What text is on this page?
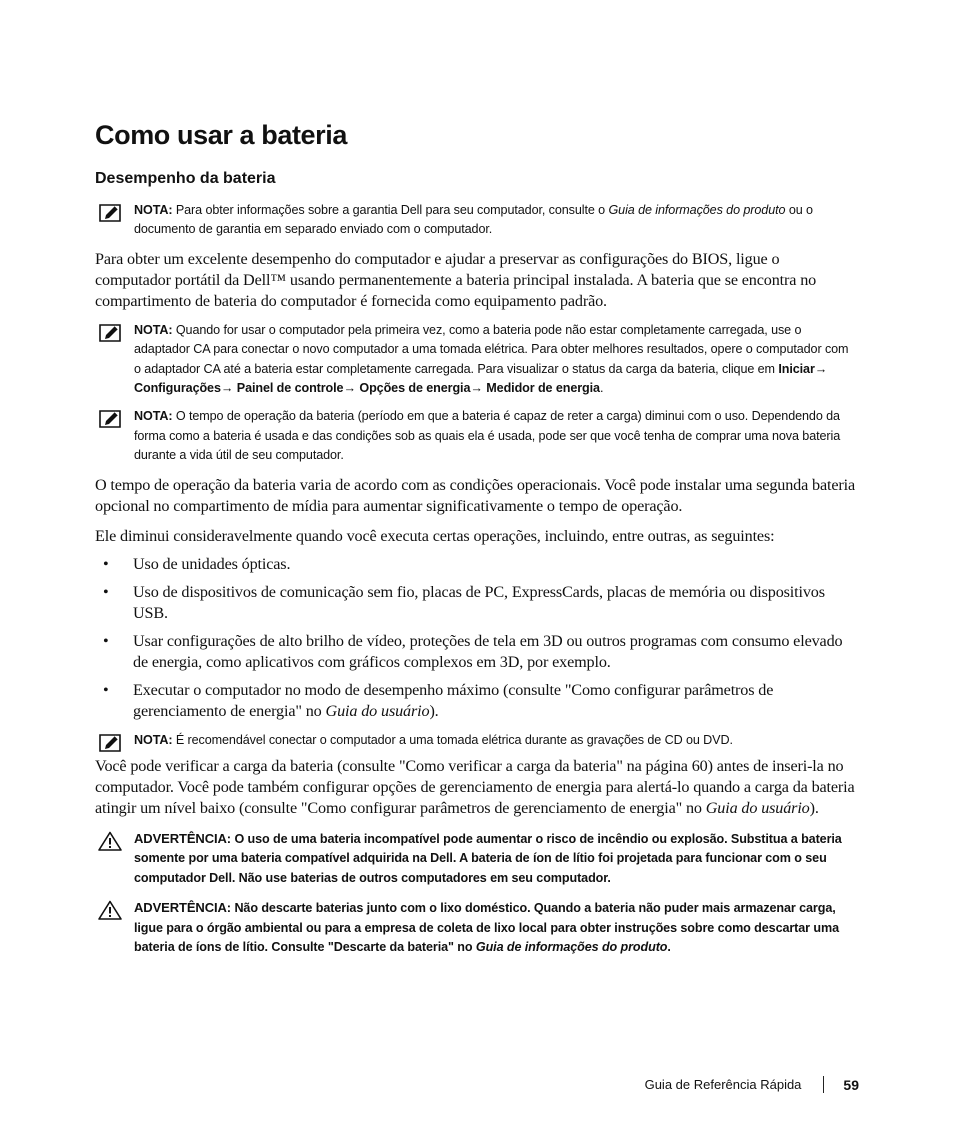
Como usar a bateria
Desempenho da bateria
NOTA: Para obter informações sobre a garantia Dell para seu computador, consulte o Guia de informações do produto ou o documento de garantia em separado enviado com o computador.

Para obter um excelente desempenho do computador e ajudar a preservar as configurações do BIOS, ligue o computador portátil da Dell™ usando permanentemente a bateria principal instalada. A bateria que se encontra no compartimento de bateria do computador é fornecida como equipamento padrão.

NOTA: Quando for usar o computador pela primeira vez, como a bateria pode não estar completamente carregada, use o adaptador CA para conectar o novo computador a uma tomada elétrica. Para obter melhores resultados, opere o computador com o adaptador CA até a bateria estar completamente carregada. Para visualizar o status da carga da bateria, clique em Iniciar→ Configurações→ Painel de controle→ Opções de energia→ Medidor de energia.
NOTA: O tempo de operação da bateria (período em que a bateria é capaz de reter a carga) diminui com o uso. Dependendo da forma como a bateria é usada e das condições sob as quais ela é usada, pode ser que você tenha de comprar uma nova bateria durante a vida útil de seu computador.

O tempo de operação da bateria varia de acordo com as condições operacionais. Você pode instalar uma segunda bateria opcional no compartimento de mídia para aumentar significativamente o tempo de operação.

Ele diminui consideravelmente quando você executa certas operações, incluindo, entre outras, as seguintes:

• Uso de unidades ópticas.
• Uso de dispositivos de comunicação sem fio, placas de PC, ExpressCards, placas de memória ou dispositivos USB.
• Usar configurações de alto brilho de vídeo, proteções de tela em 3D ou outros programas com consumo elevado de energia, como aplicativos com gráficos complexos em 3D, por exemplo.
• Executar o computador no modo de desempenho máximo (consulte "Como configurar parâmetros de gerenciamento de energia" no Guia do usuário).
NOTA: É recomendável conectar o computador a uma tomada elétrica durante as gravações de CD ou DVD.

Você pode verificar a carga da bateria (consulte "Como verificar a carga da bateria" na página 60) antes de inseri-la no computador. Você pode também configurar opções de gerenciamento de energia para alertá-lo quando a carga da bateria atingir um nível baixo (consulte "Como configurar parâmetros de gerenciamento de energia" no Guia do usuário).

ADVERTÊNCIA: O uso de uma bateria incompatível pode aumentar o risco de incêndio ou explosão. Substitua a bateria somente por uma bateria compatível adquirida na Dell. A bateria de íon de lítio foi projetada para funcionar com o seu computador Dell. Não use baterias de outros computadores em seu computador.
ADVERTÊNCIA: Não descarte baterias junto com o lixo doméstico. Quando a bateria não puder mais armazenar carga, ligue para o órgão ambiental ou para a empresa de coleta de lixo local para obter instruções sobre como descartar uma bateria de íons de lítio. Consulte "Descarte da bateria" no Guia de informações do produto.
Guia de Referência Rápida	59
